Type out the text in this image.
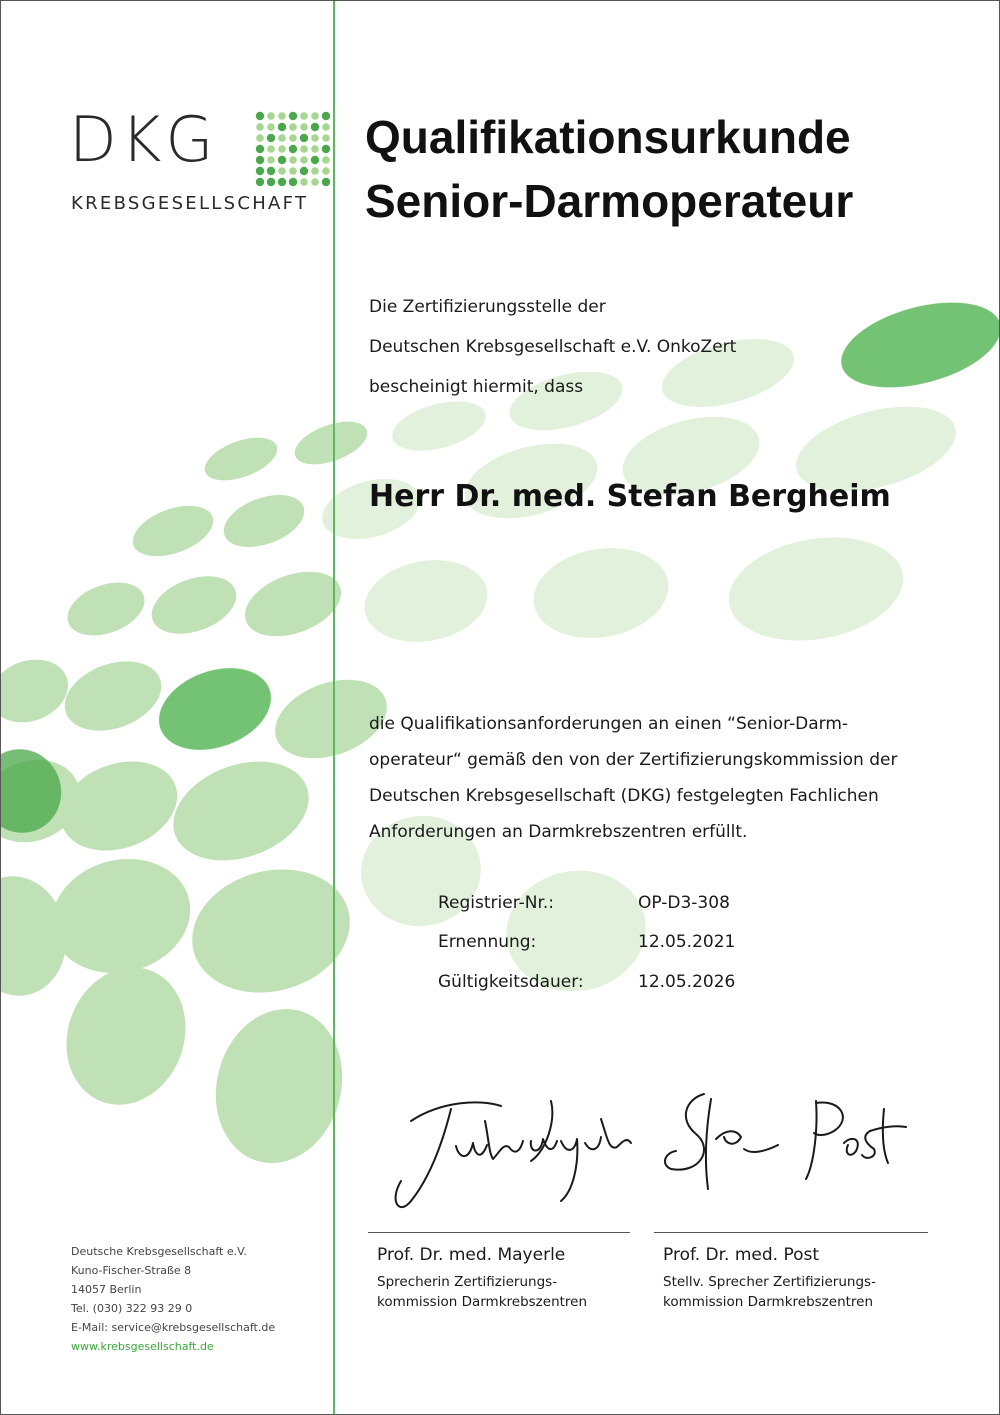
DKG
KREBSGESELLSCHAFT
Qualifikationsurkunde
Senior-Darmoperateur
Die Zertifizierungsstelle der
Deutschen Krebsgesellschaft e.V. OnkoZert
bescheinigt hiermit, dass
Herr Dr. med. Stefan Bergheim
die Qualifikationsanforderungen an einen “Senior-Darm-
operateur“ gemäß den von der Zertifizierungskommission der
Deutschen Krebsgesellschaft (DKG) festgelegten Fachlichen
Anforderungen an Darmkrebszentren erfüllt.
Registrier-Nr.:	OP-D3-308
Ernennung:	12.05.2021
Gültigkeitsdauer:	12.05.2026
Prof. Dr. med. Mayerle
Sprecherin Zertifizierungs-
kommission Darmkrebszentren
Prof. Dr. med. Post
Stellv. Sprecher Zertifizierungs-
kommission Darmkrebszentren
Deutsche Krebsgesellschaft e.V.
Kuno-Fischer-Straße 8
14057 Berlin
Tel. (030) 322 93 29 0
E-Mail: service@krebsgesellschaft.de
www.krebsgesellschaft.de
